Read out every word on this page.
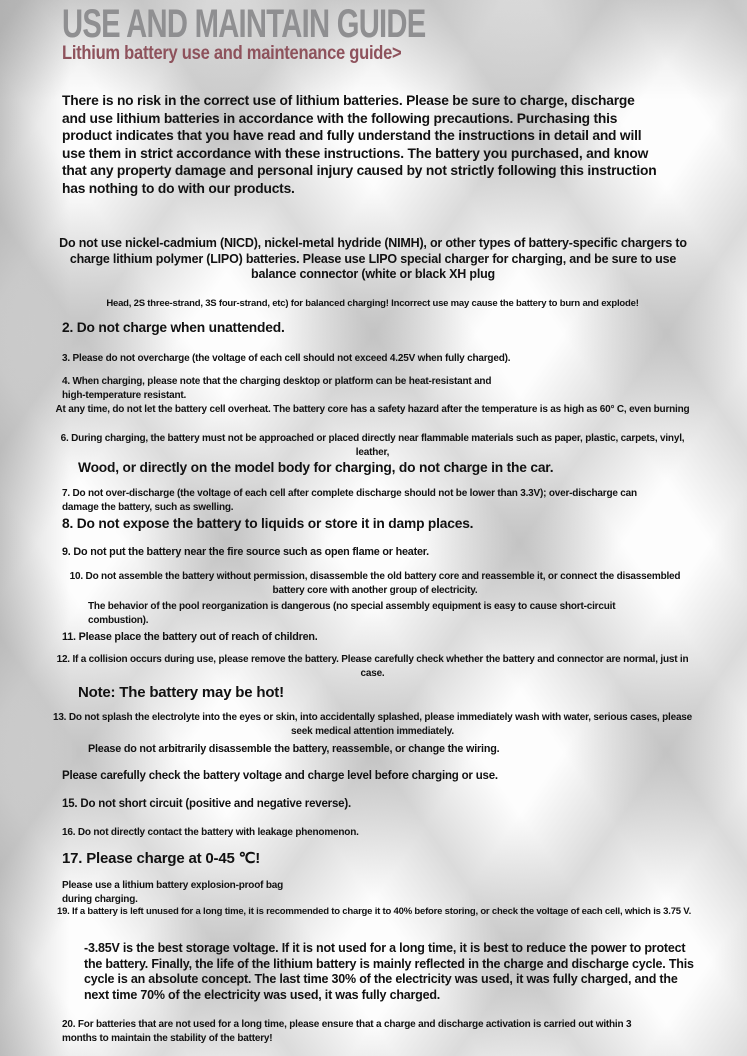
USE AND MAINTAIN GUIDE
Lithium battery use and maintenance guide>

There is no risk in the correct use of lithium batteries. Please be sure to charge, discharge and use lithium batteries in accordance with the following precautions. Purchasing this product indicates that you have read and fully understand the instructions in detail and will use them in strict accordance with these instructions. The battery you purchased, and know that any property damage and personal injury caused by not strictly following this instruction has nothing to do with our products.

Do not use nickel-cadmium (NICD), nickel-metal hydride (NIMH), or other types of battery-specific chargers to charge lithium polymer (LIPO) batteries. Please use LIPO special charger for charging, and be sure to use balance connector (white or black XH plug

Head, 2S three-strand, 3S four-strand, etc) for balanced charging! Incorrect use may cause the battery to burn and explode!

2. Do not charge when unattended.

3. Please do not overcharge (the voltage of each cell should not exceed 4.25V when fully charged).

4. When charging, please note that the charging desktop or platform can be heat-resistant and high-temperature resistant.

At any time, do not let the battery cell overheat. The battery core has a safety hazard after the temperature is as high as 60° C, even burning

6. During charging, the battery must not be approached or placed directly near flammable materials such as paper, plastic, carpets, vinyl, leather,

Wood, or directly on the model body for charging, do not charge in the car.

7. Do not over-discharge (the voltage of each cell after complete discharge should not be lower than 3.3V); over-discharge can damage the battery, such as swelling.

8. Do not expose the battery to liquids or store it in damp places.

9. Do not put the battery near the fire source such as open flame or heater.

10. Do not assemble the battery without permission, disassemble the old battery core and reassemble it, or connect the disassembled battery core with another group of electricity.

The behavior of the pool reorganization is dangerous (no special assembly equipment is easy to cause short-circuit combustion).

11. Please place the battery out of reach of children.

12. If a collision occurs during use, please remove the battery. Please carefully check whether the battery and connector are normal, just in case.

Note: The battery may be hot!

13. Do not splash the electrolyte into the eyes or skin, into accidentally splashed, please immediately wash with water, serious cases, please seek medical attention immediately.

Please do not arbitrarily disassemble the battery, reassemble, or change the wiring.

Please carefully check the battery voltage and charge level before charging or use.

15. Do not short circuit (positive and negative reverse).

16. Do not directly contact the battery with leakage phenomenon.

17. Please charge at 0-45 ℃!

Please use a lithium battery explosion-proof bag during charging.

19. If a battery is left unused for a long time, it is recommended to charge it to 40% before storing, or check the voltage of each cell, which is 3.75 V.

-3.85V is the best storage voltage. If it is not used for a long time, it is best to reduce the power to protect the battery. Finally, the life of the lithium battery is mainly reflected in the charge and discharge cycle. This cycle is an absolute concept. The last time 30% of the electricity was used, it was fully charged, and the next time 70% of the electricity was used, it was fully charged.

20. For batteries that are not used for a long time, please ensure that a charge and discharge activation is carried out within 3 months to maintain the stability of the battery!
